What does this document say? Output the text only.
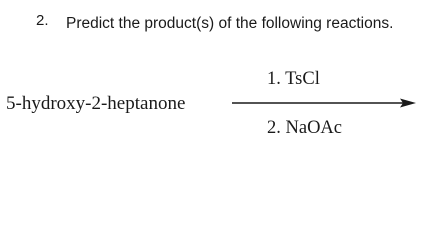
2. Predict the product(s) of the following reactions.
5-hydroxy-2-heptanone
1. TsCl
2. NaOAc
